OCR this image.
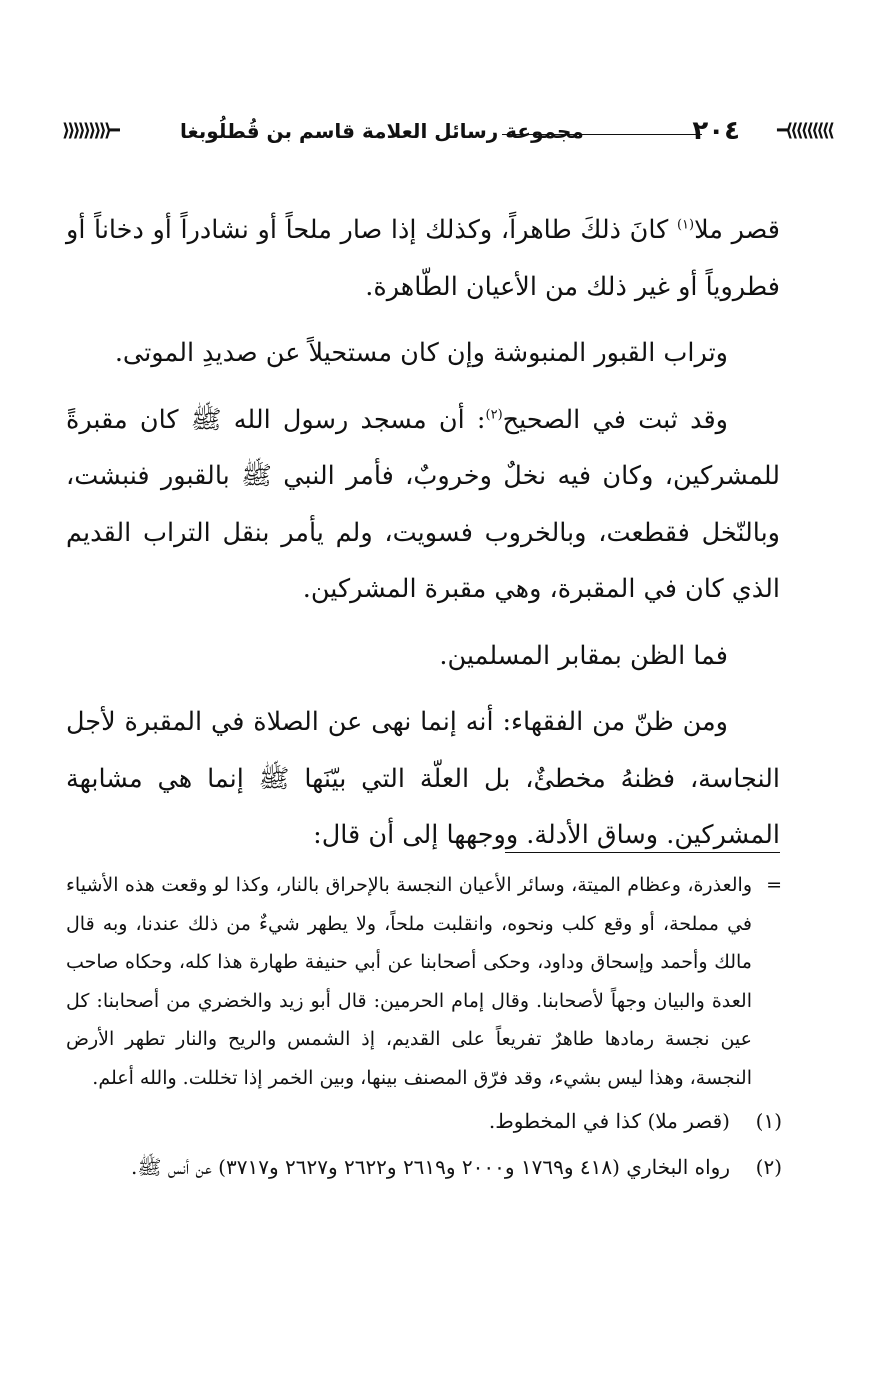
⟩⟩⟩⟩⟩⟩⟩⟩⟩━
٢٠٤
مجموعة رسائل العلامة قاسم بن قُطلُوبغا
━⟨⟨⟨⟨⟨⟨⟨⟨⟨

قصر ملا$^{(١)}$ كانَ ذلكَ طاهراً، وكذلك إذا صار ملحاً أو نشادراً أو دخاناً أو فطروياً أو غير ذلك من الأعيان الطّاهرة.

وتراب القبور المنبوشة وإن كان مستحيلاً عن صديدِ الموتى.

وقد ثبت في الصحيح$^{(٢)}$: أن مسجد رسول الله ﷺ كان مقبرةً للمشركين، وكان فيه نخلٌ وخروبٌ، فأمر النبي ﷺ بالقبور فنبشت، وبالنّخل فقطعت، وبالخروب فسويت، ولم يأمر بنقل التراب القديم الذي كان في المقبرة، وهي مقبرة المشركين.

فما الظن بمقابر المسلمين.

ومن ظنّ من الفقهاء: أنه إنما نهى عن الصلاة في المقبرة لأجل النجاسة، فظنهُ مخطئٌ، بل العلّة التي بيّنَها ﷺ إنما هي مشابهة المشركين. وساق الأدلة. ووجهها إلى أن قال:

=
والعذرة، وعظام الميتة، وسائر الأعيان النجسة بالإحراق بالنار، وكذا لو وقعت هذه الأشياء في مملحة، أو وقع كلب ونحوه، وانقلبت ملحاً، ولا يطهر شيءٌ من ذلك عندنا، وبه قال مالك وأحمد وإسحاق وداود، وحكى أصحابنا عن أبي حنيفة طهارة هذا كله، وحكاه صاحب العدة والبيان وجهاً لأصحابنا. وقال إمام الحرمين: قال أبو زيد والخضري من أصحابنا: كل عين نجسة رمادها طاهرٌ تفريعاً على القديم، إذ الشمس والريح والنار تطهر الأرض النجسة، وهذا ليس بشيء، وقد فرّق المصنف بينها، وبين الخمر إذا تخللت. والله أعلم.

(١)
(قصر ملا) كذا في المخطوط.

(٢)
رواه البخاري (٤١٨ و١٧٦٩ و٢٠٠٠ و٢٦١٩ و٢٦٢٢ و٢٦٢٧ و٣٧١٧) عن أنس ﷺ.
